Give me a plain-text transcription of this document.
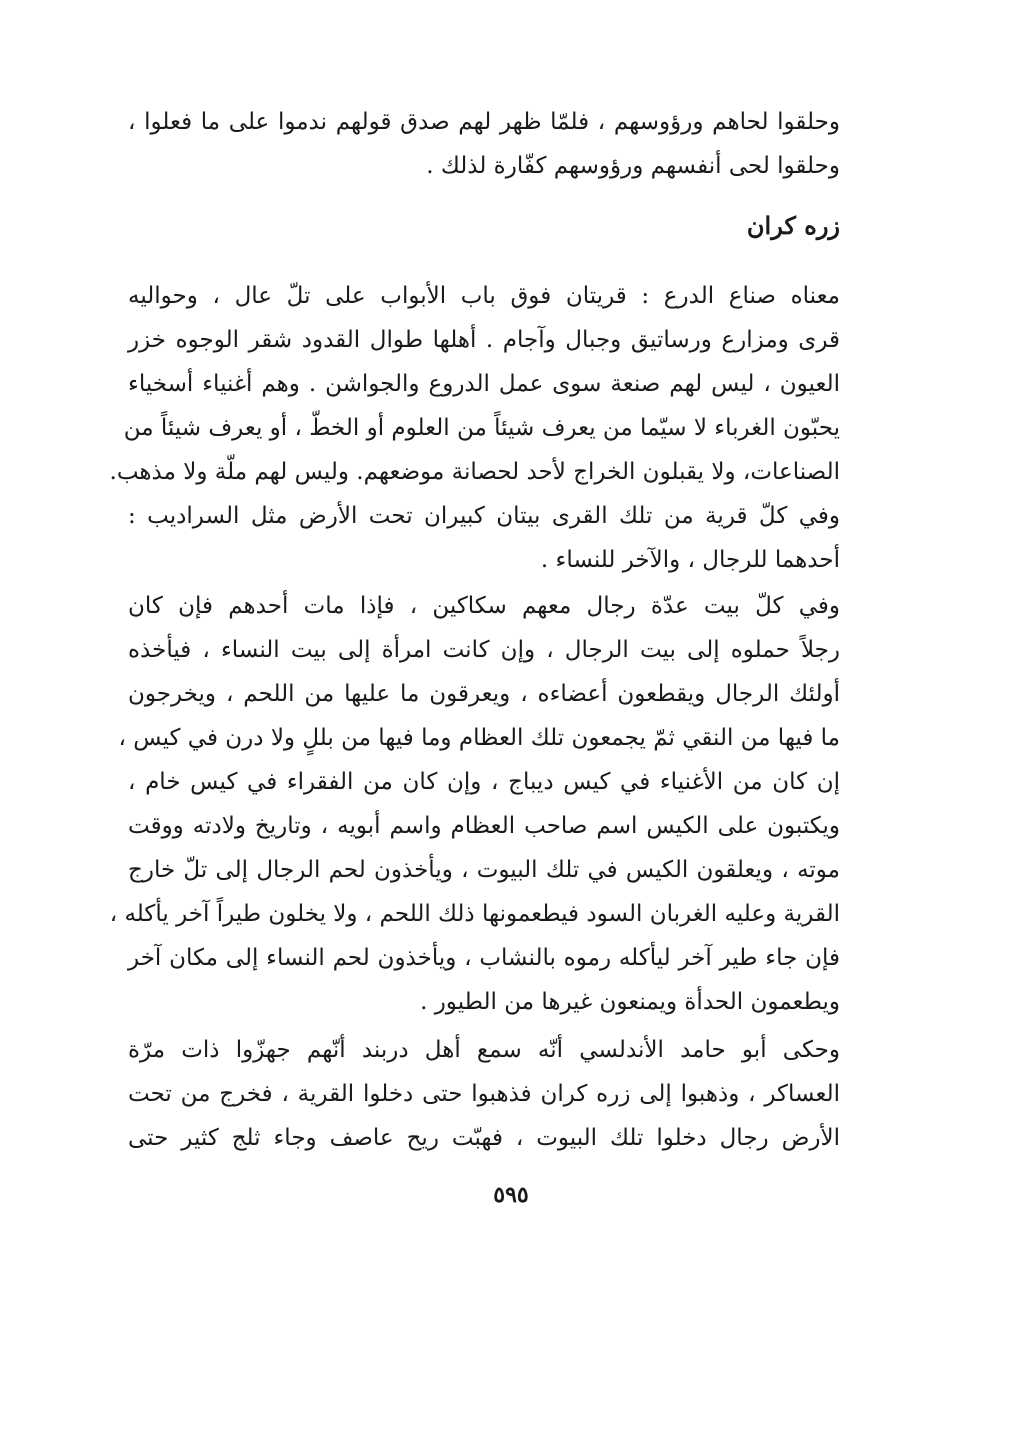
وحلقوا لحاهم ورؤوسهم ، فلمّا ظهر لهم صدق قولهم ندموا على ما فعلوا ،
وحلقوا لحى أنفسهم ورؤوسهم كفّارة لذلك .
زره كران
معناه صناع الدرع : قريتان فوق باب الأبواب على تلّ عال ، وحواليه
قرى ومزارع ورساتيق وجبال وآجام . أهلها طوال القدود شقر الوجوه خزر
العيون ، ليس لهم صنعة سوى عمل الدروع والجواشن . وهم أغنياء أسخياء
يحبّون الغرباء لا سيّما من يعرف شيئاً من العلوم أو الخطّ ، أو يعرف شيئاً من
الصناعات، ولا يقبلون الخراج لأحد لحصانة موضعهم. وليس لهم ملّة ولا مذهب.
وفي كلّ قرية من تلك القرى بيتان كبيران تحت الأرض مثل السراديب :
أحدهما للرجال ، والآخر للنساء .
وفي كلّ بيت عدّة رجال معهم سكاكين ، فإذا مات أحدهم فإن كان
رجلاً حملوه إلى بيت الرجال ، وإن كانت امرأة إلى بيت النساء ، فيأخذه
أولئك الرجال ويقطعون أعضاءه ، ويعرقون ما عليها من اللحم ، ويخرجون
ما فيها من النقي ثمّ يجمعون تلك العظام وما فيها من بللٍ ولا درن في كيس ،
إن كان من الأغنياء في كيس ديباج ، وإن كان من الفقراء في كيس خام ،
ويكتبون على الكيس اسم صاحب العظام واسم أبويه ، وتاريخ ولادته ووقت
موته ، ويعلقون الكيس في تلك البيوت ، ويأخذون لحم الرجال إلى تلّ خارج
القرية وعليه الغربان السود فيطعمونها ذلك اللحم ، ولا يخلون طيراً آخر يأكله ،
فإن جاء طير آخر ليأكله رموه بالنشاب ، ويأخذون لحم النساء إلى مكان آخر
ويطعمون الحدأة ويمنعون غيرها من الطيور .
وحكى أبو حامد الأندلسي أنّه سمع أهل دربند أنّهم جهزّوا ذات مرّة
العساكر ، وذهبوا إلى زره كران فذهبوا حتى دخلوا القرية ، فخرج من تحت
الأرض رجال دخلوا تلك البيوت ، فهبّت ريح عاصف وجاء ثلج كثير حتى
٥٩٥
